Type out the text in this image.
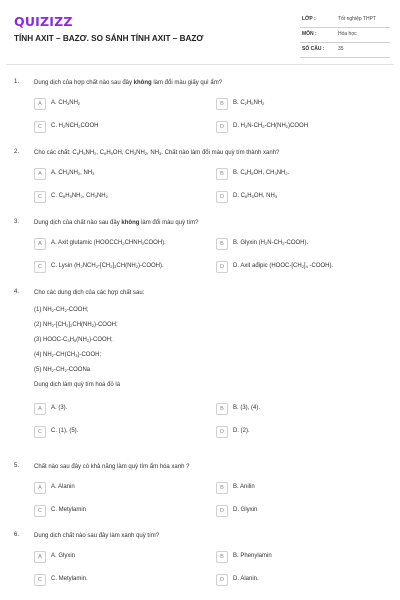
QUIZIZZ
TÍNH AXIT – BAZƠ. SO SÁNH TÍNH AXIT – BAZƠ
LỚP :	Tốt nghiệp THPT
MÔN :	Hóa học
SỐ CÂU :	35
1. Dung dịch của hợp chất nào sau đây không làm đổi màu giấy quì ẩm?
A	A. $CH_3NH_2$	B	B. $C_2H_5NH_2$
C	C. $H_2NCH_2COOH$	D	D. $H_2N-CH_2-CH(NH_2)COOH$
2. Cho các chất: $C_6H_5NH_2$, $C_6H_5OH$, $CH_3NH_2$, $NH_3$. Chất nào làm đổi màu quỳ tím thành xanh?
A	A. $CH_3NH_2$, $NH_3$	B	B. $C_6H_5OH$, $CH_3NH_2$.
C	C. $C_6H_5NH_2$, $CH_3NH_2$	D	D. $C_6H_5OH$, $NH_3$
3. Dung dịch của chất nào sau đây không làm đổi màu quỳ tím?
A	A. Axit glutamic $(HOOCCH_2CHNH_2COOH)$.	B	B. Glyxin $(H_2N-CH_2-COOH)$.
C	C. Lysin $(H_2NCH_2-[CH_2]_3CH(NH_2)-COOH)$.	D	D. Axit ađipic ($HOOC-[CH_2]_4$ -COOH).
4. Cho các dung dịch của các hợp chất sau:
(1) $NH_2-CH_2$-COOH;
(2) $NH_2-[CH_2]_2CH(NH_2)$-COOH;
(3) HOOC-$C_3H_5(NH_2)$-COOH;
(4) $NH_2-CH(CH_3)$-COOH;
(5) $NH_2-CH_2$-COONa
Dung dịch làm quỳ tím hoá đỏ là
A	A. (3).	B	B. (3), (4).
C	C. (1), (5).	D	D. (2).
5. Chất nào sau đây có khả năng làm quỳ tím ẩm hóa xanh ?
A	A. Alanin	B	B. Anilin
C	C. Metylamin	D	D. Glyxin
6. Dung dịch chất nào sau đây làm xanh quỳ tím?
A	A. Glyxin	B	B. Phenylamin
C	C. Metylamin.	D	D. Alanin.
